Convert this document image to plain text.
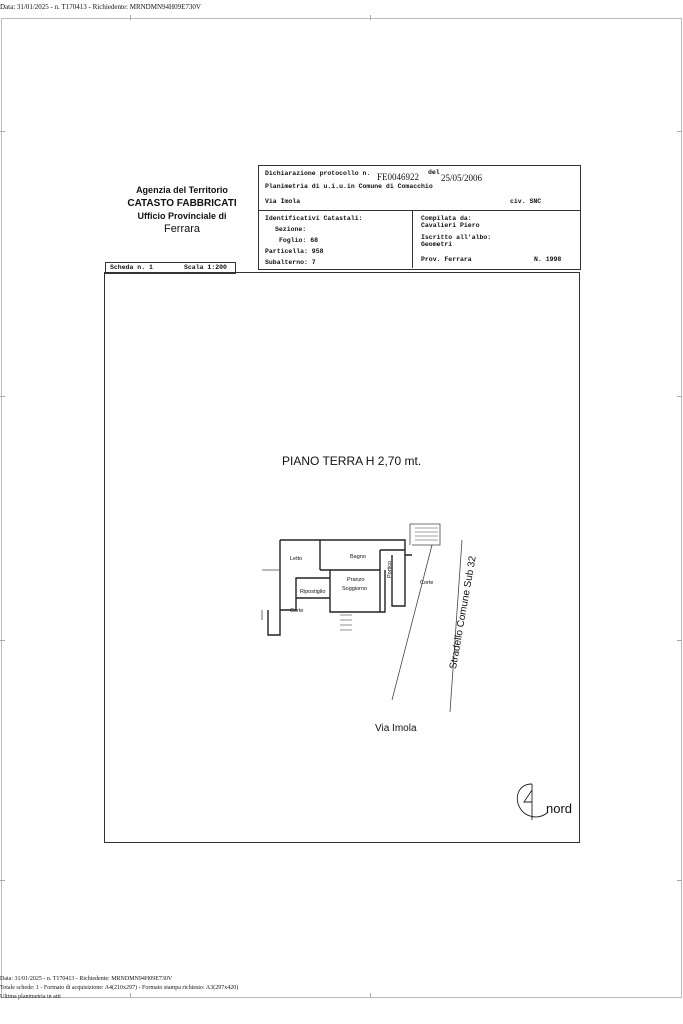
Data: 31/01/2025 - n. T170413 - Richiedente: MRNDMN94H09E730V
Agenzia del Territorio
CATASTO FABBRICATI
Ufficio Provinciale di
Ferrara
Dichiarazione protocollo n. FE0046922 del
25/05/2006
Planimetria di u.i.u.in Comune di Comacchio
Via Imola	civ. SNC
Identificativi Catastali:
Sezione:
Foglio: 68
Particella: 958
Subalterno: 7
Compilata da:
Cavalieri Piero
Iscritto all'albo:
Geometri
Prov. Ferrara	N. 1998
Scheda n. 1	Scala 1:200
PIANO TERRA H 2,70 mt.
Letto	Bagno
Pranzo
Soggiorno
Ripostiglio
Portico
Corte
Corte	Stradello Comune Sub 32
Via Imola
nord
Data: 31/01/2025 - n. T170413 - Richiedente: MRNDMN94H09E730V
Totale schede: 1 - Formato di acquisizione: A4(210x297) - Formato stampa richiesto: A3(297x420)
Ultima planimetria in atti
